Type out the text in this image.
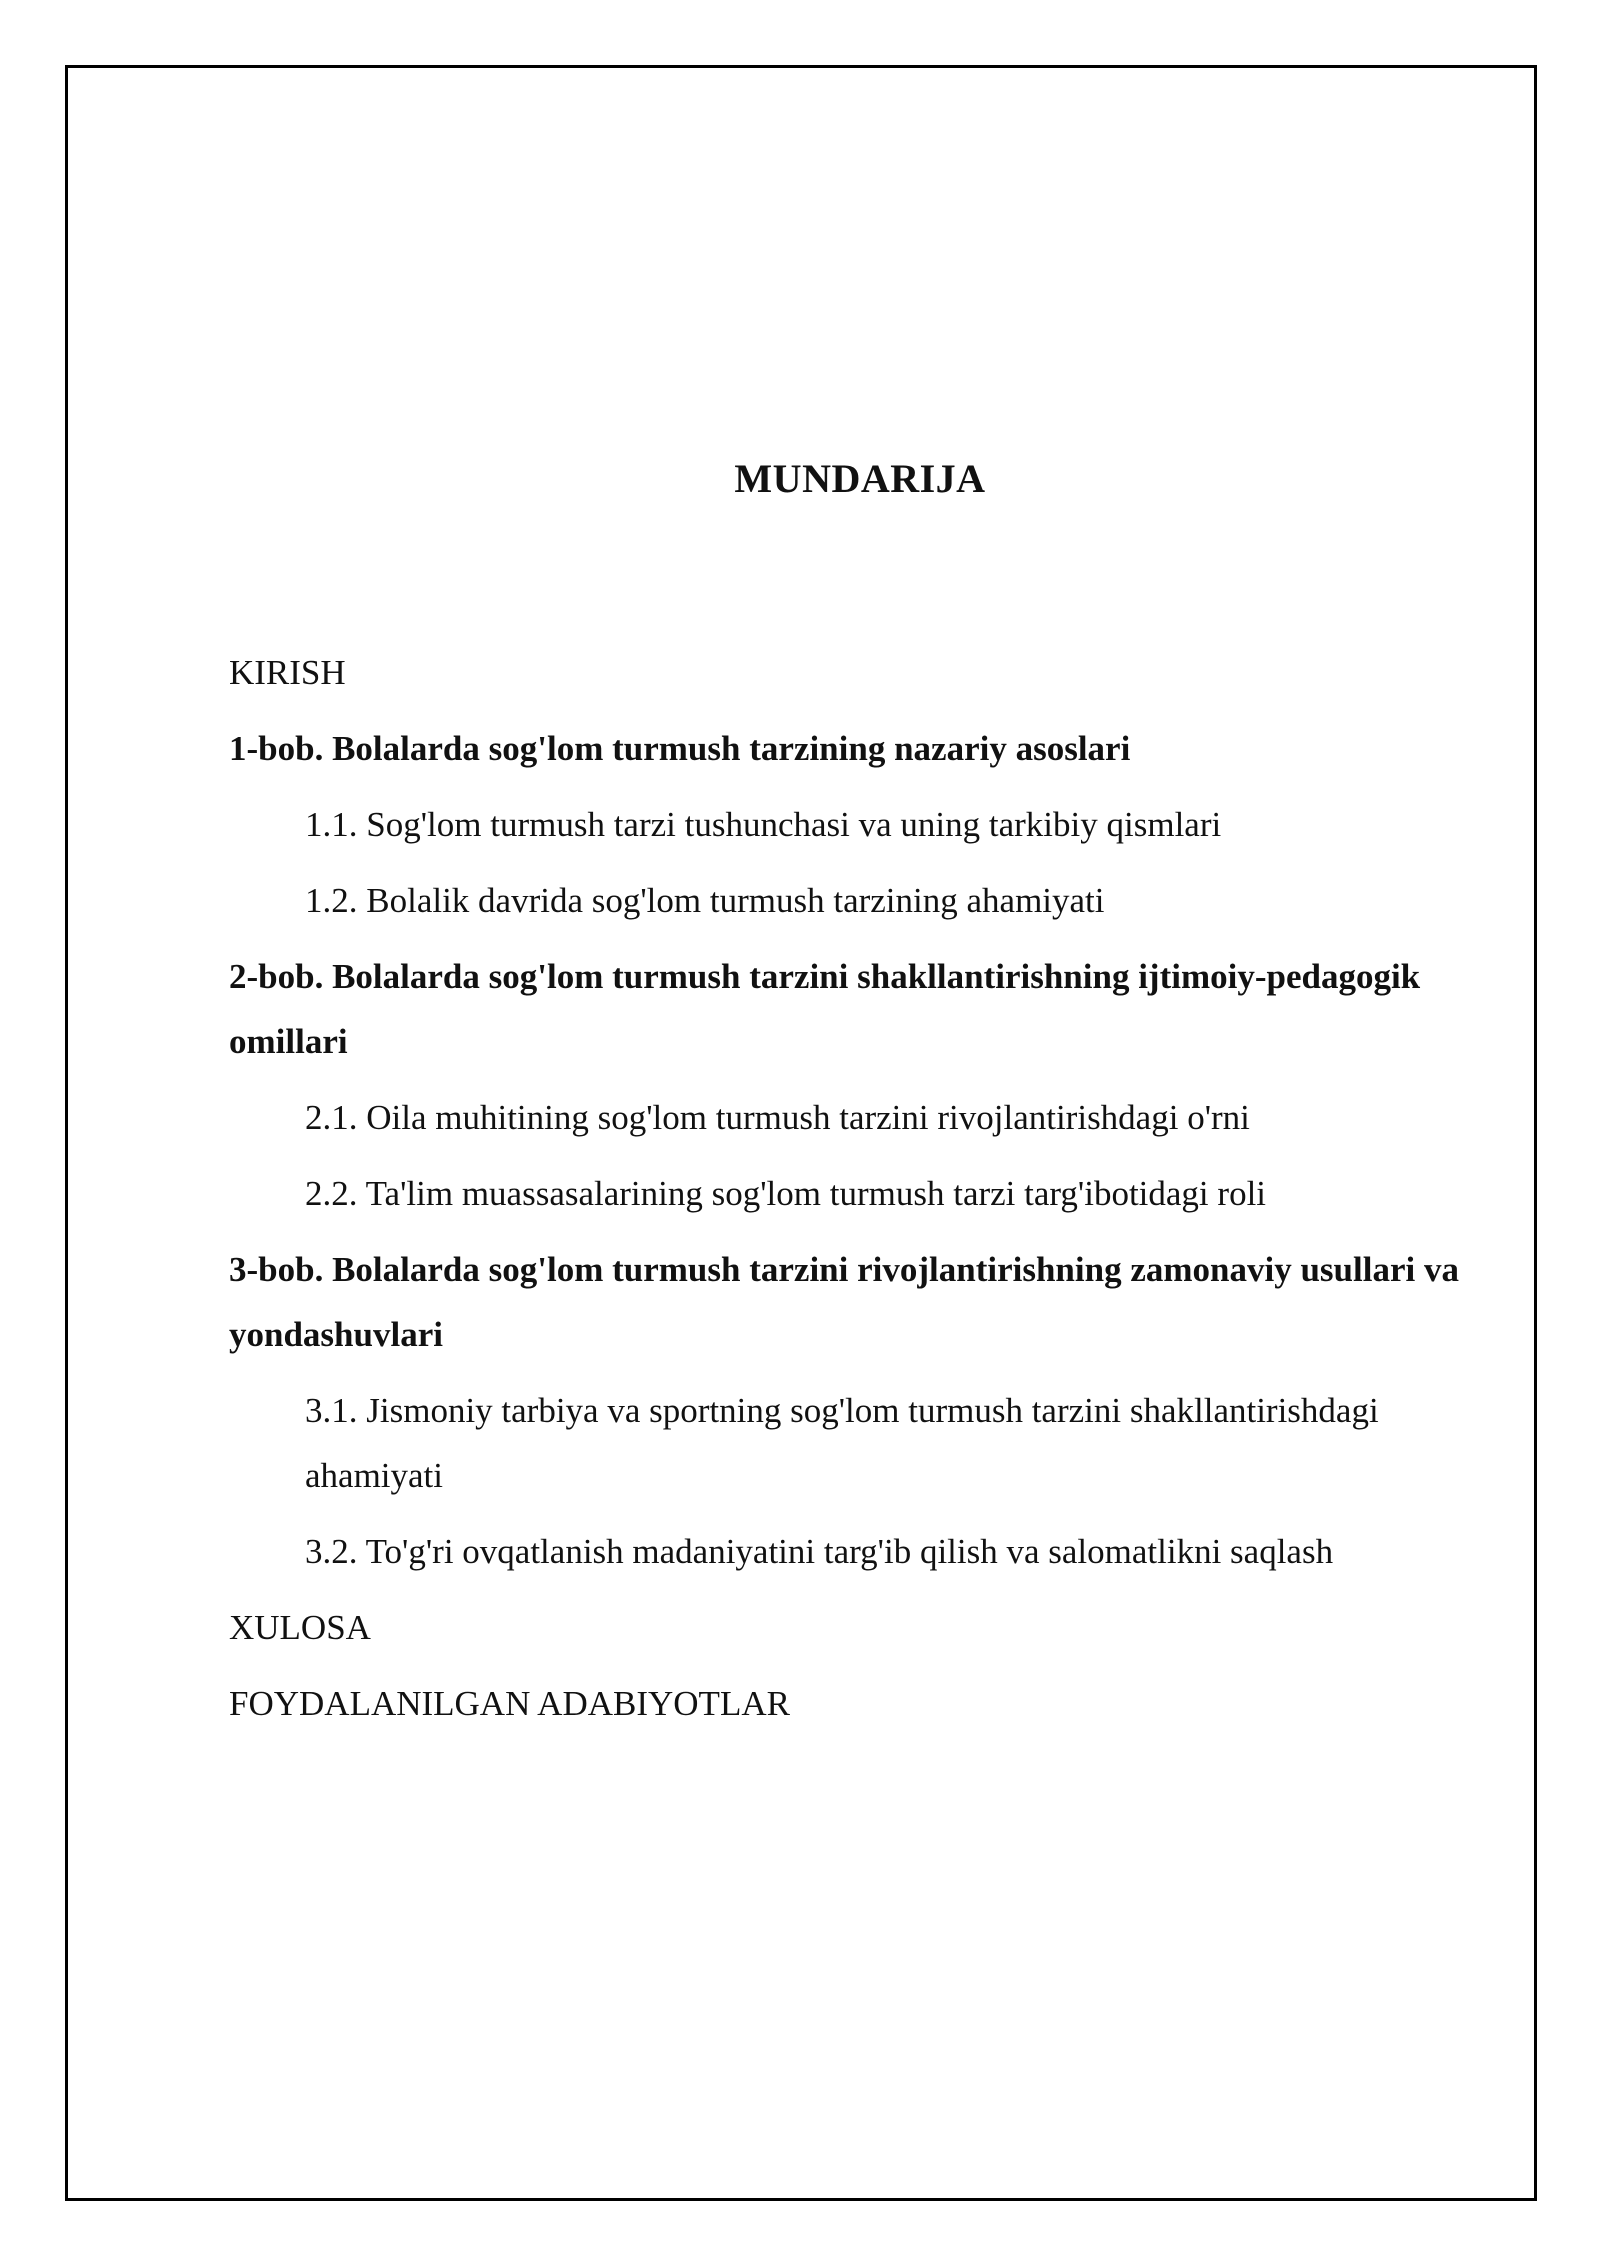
MUNDARIJA
KIRISH
1-bob. Bolalarda sog'lom turmush tarzining nazariy asoslari
1.1. Sog'lom turmush tarzi tushunchasi va uning tarkibiy qismlari
1.2. Bolalik davrida sog'lom turmush tarzining ahamiyati
2-bob. Bolalarda sog'lom turmush tarzini shakllantirishning ijtimoiy-pedagogik omillari
2.1. Oila muhitining sog'lom turmush tarzini rivojlantirishdagi o'rni
2.2. Ta'lim muassasalarining sog'lom turmush tarzi targ'ibotidagi roli
3-bob. Bolalarda sog'lom turmush tarzini rivojlantirishning zamonaviy usullari va yondashuvlari
3.1. Jismoniy tarbiya va sportning sog'lom turmush tarzini shakllantirishdagi ahamiyati
3.2. To'g'ri ovqatlanish madaniyatini targ'ib qilish va salomatlikni saqlash
XULOSA
FOYDALANILGAN ADABIYOTLAR
